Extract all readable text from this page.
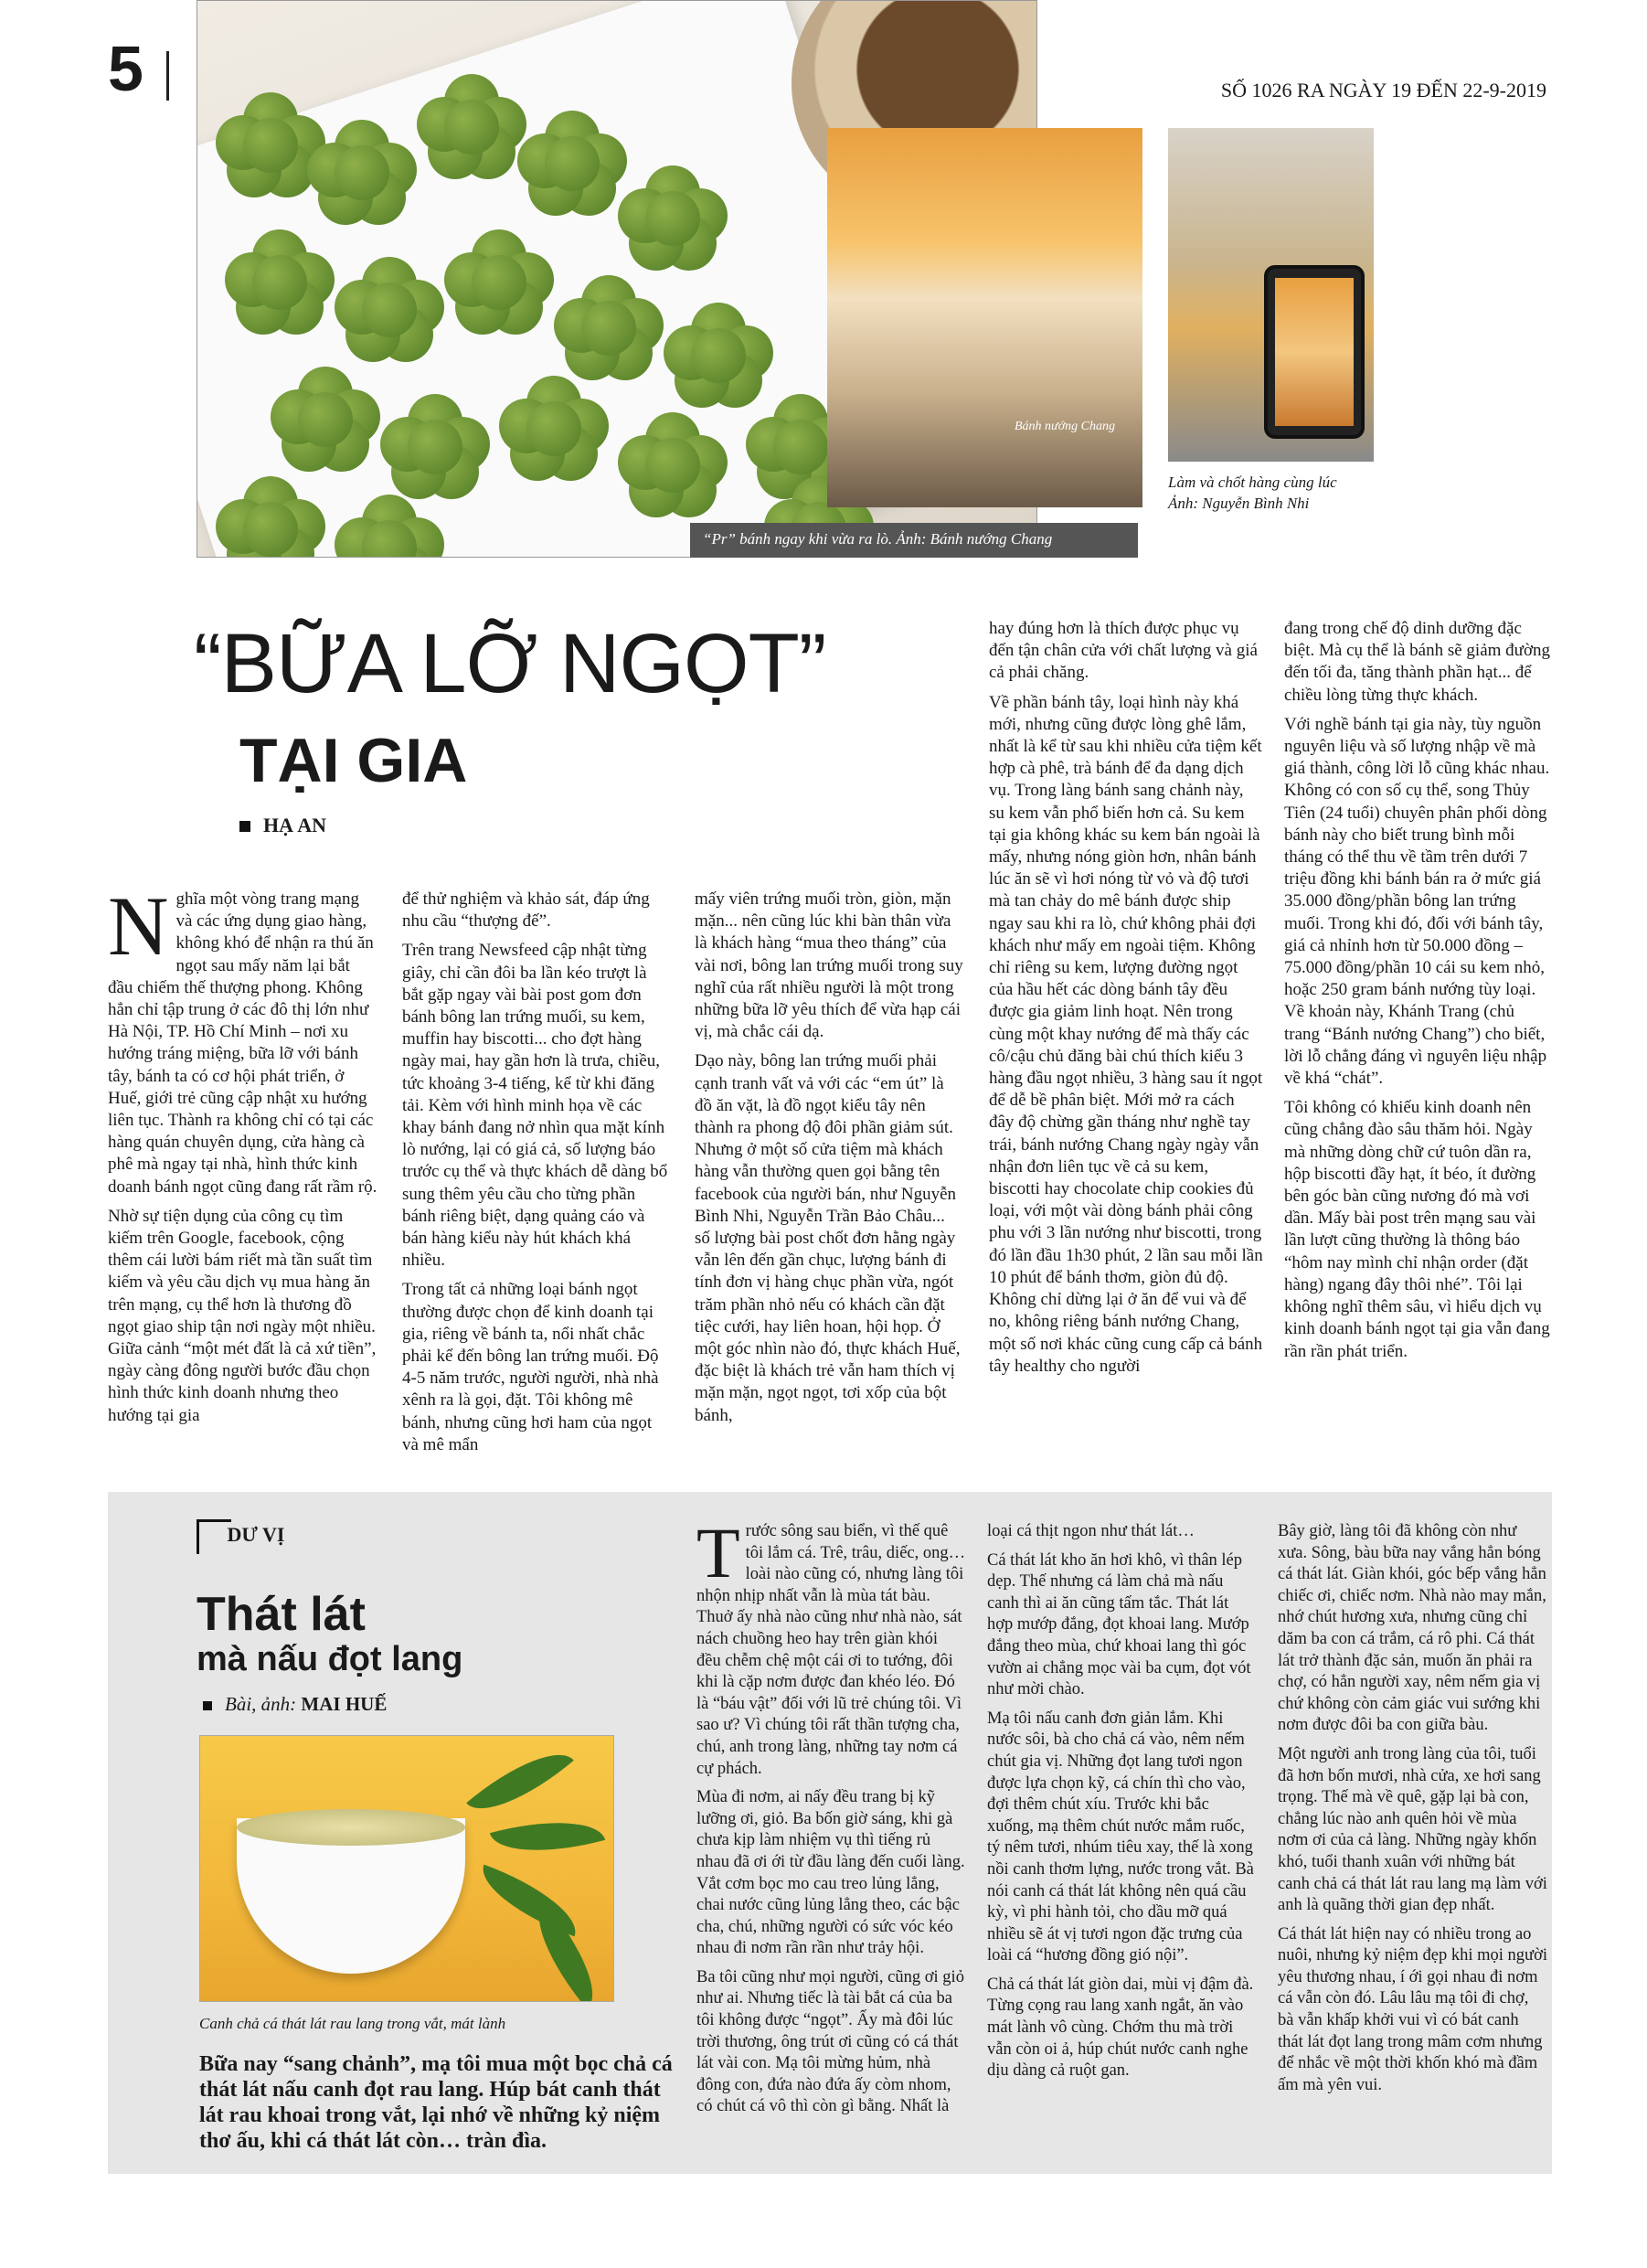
5	SỐ 1026 RA NGÀY 19 ĐẾN 22-9-2019
“Pr” bánh ngay khi vừa ra lò. Ảnh: Bánh nướng Chang
Bánh nướng Chang
Làm và chốt hàng cùng lúc
Ảnh: Nguyễn Bình Nhi
“BỮA LỠ NGỌT”
TẠI GIA
HẠ AN

Nghĩa một vòng trang mạng và các ứng dụng giao hàng, không khó để nhận ra thú ăn ngọt sau mấy năm lại bắt đầu chiếm thế thượng phong. Không hẳn chỉ tập trung ở các đô thị lớn như Hà Nội, TP. Hồ Chí Minh – nơi xu hướng tráng miệng, bữa lỡ với bánh tây, bánh ta có cơ hội phát triển, ở Huế, giới trẻ cũng cập nhật xu hướng liên tục. Thành ra không chỉ có tại các hàng quán chuyên dụng, cửa hàng cà phê mà ngay tại nhà, hình thức kinh doanh bánh ngọt cũng đang rất rầm rộ.

Nhờ sự tiện dụng của công cụ tìm kiếm trên Google, facebook, cộng thêm cái lười bám riết mà tần suất tìm kiếm và yêu cầu dịch vụ mua hàng ăn trên mạng, cụ thể hơn là thương đồ ngọt giao ship tận nơi ngày một nhiều. Giữa cảnh “một mét đất là cả xứ tiền”, ngày càng đông người bước đầu chọn hình thức kinh doanh nhưng theo hướng tại gia

để thử nghiệm và khảo sát, đáp ứng nhu cầu “thượng đế”.

Trên trang Newsfeed cập nhật từng giây, chỉ cần đôi ba lần kéo trượt là bắt gặp ngay vài bài post gom đơn bánh bông lan trứng muối, su kem, muffin hay biscotti... cho đợt hàng ngày mai, hay gần hơn là trưa, chiều, tức khoảng 3-4 tiếng, kể từ khi đăng tải. Kèm với hình minh họa về các khay bánh đang nở nhìn qua mặt kính lò nướng, lại có giá cả, số lượng báo trước cụ thể và thực khách dễ dàng bổ sung thêm yêu cầu cho từng phần bánh riêng biệt, dạng quảng cáo và bán hàng kiểu này hút khách khá nhiều.

Trong tất cả những loại bánh ngọt thường được chọn để kinh doanh tại gia, riêng về bánh ta, nổi nhất chắc phải kể đến bông lan trứng muối. Độ 4-5 năm trước, người người, nhà nhà xênh ra là gọi, đặt. Tôi không mê bánh, nhưng cũng hơi ham của ngọt và mê mẩn

mấy viên trứng muối tròn, giòn, mặn mặn... nên cũng lúc khi bàn thân vừa là khách hàng “mua theo tháng” của vài nơi, bông lan trứng muối trong suy nghĩ của rất nhiều người là một trong những bữa lỡ yêu thích để vừa hạp cái vị, mà chắc cái dạ.

Dạo này, bông lan trứng muối phải cạnh tranh vất vả với các “em út” là đồ ăn vặt, là đồ ngọt kiểu tây nên thành ra phong độ đôi phần giảm sút. Nhưng ở một số cửa tiệm mà khách hàng vẫn thường quen gọi bằng tên facebook của người bán, như Nguyễn Bình Nhi, Nguyễn Trần Bảo Châu... số lượng bài post chốt đơn hằng ngày vẫn lên đến gần chục, lượng bánh đi tính đơn vị hàng chục phần vừa, ngót trăm phần nhỏ nếu có khách cần đặt tiệc cưới, hay liên hoan, hội họp. Ở một góc nhìn nào đó, thực khách Huế, đặc biệt là khách trẻ vẫn ham thích vị mặn mặn, ngọt ngọt, tơi xốp của bột bánh,

hay đúng hơn là thích được phục vụ đến tận chân cửa với chất lượng và giá cả phải chăng.

Về phần bánh tây, loại hình này khá mới, nhưng cũng được lòng ghê lắm, nhất là kể từ sau khi nhiều cửa tiệm kết hợp cà phê, trà bánh để đa dạng dịch vụ. Trong làng bánh sang chảnh này, su kem vẫn phổ biến hơn cả. Su kem tại gia không khác su kem bán ngoài là mấy, nhưng nóng giòn hơn, nhân bánh lúc ăn sẽ vì hơi nóng từ vỏ và độ tươi mà tan chảy do mê bánh được ship ngay sau khi ra lò, chứ không phải đợi khách như mấy em ngoài tiệm. Không chỉ riêng su kem, lượng đường ngọt của hầu hết các dòng bánh tây đều được gia giảm linh hoạt. Nên trong cùng một khay nướng để mà thấy các cô/cậu chủ đăng bài chú thích kiểu 3 hàng đầu ngọt nhiều, 3 hàng sau ít ngọt để dễ bề phân biệt. Mới mở ra cách đây độ chừng gần tháng như nghề tay trái, bánh nướng Chang ngày ngày vẫn nhận đơn liên tục về cả su kem, biscotti hay chocolate chip cookies đủ loại, với một vài dòng bánh phải công phu với 3 lần nướng như biscotti, trong đó lần đầu 1h30 phút, 2 lần sau mỗi lần 10 phút để bánh thơm, giòn đủ độ. Không chỉ dừng lại ở ăn để vui và để no, không riêng bánh nướng Chang, một số nơi khác cũng cung cấp cả bánh tây healthy cho người

đang trong chế độ dinh dưỡng đặc biệt. Mà cụ thể là bánh sẽ giảm đường đến tối đa, tăng thành phần hạt... để chiều lòng từng thực khách.

Với nghề bánh tại gia này, tùy nguồn nguyên liệu và số lượng nhập về mà giá thành, công lời lỗ cũng khác nhau. Không có con số cụ thể, song Thủy Tiên (24 tuổi) chuyên phân phối dòng bánh này cho biết trung bình mỗi tháng có thể thu về tầm trên dưới 7 triệu đồng khi bánh bán ra ở mức giá 35.000 đồng/phần bông lan trứng muối. Trong khi đó, đối với bánh tây, giá cả nhỉnh hơn từ 50.000 đồng – 75.000 đồng/phần 10 cái su kem nhỏ, hoặc 250 gram bánh nướng tùy loại. Về khoản này, Khánh Trang (chủ trang “Bánh nướng Chang”) cho biết, lời lỗ chẳng đáng vì nguyên liệu nhập về khá “chát”.

Tôi không có khiếu kinh doanh nên cũng chẳng đào sâu thăm hỏi. Ngày mà những dòng chữ cứ tuôn dần ra, hộp biscotti đầy hạt, ít béo, ít đường bên góc bàn cũng nương đó mà vơi dần. Mấy bài post trên mạng sau vài lần lượt cũng thường là thông báo “hôm nay mình chỉ nhận order (đặt hàng) ngang đây thôi nhé”. Tôi lại không nghĩ thêm sâu, vì hiểu dịch vụ kinh doanh bánh ngọt tại gia vẫn đang rần rần phát triển.

DƯ VỊ
Thát lát
mà nấu đọt lang
Bài, ảnh: MAI HUẾ
Canh chả cá thát lát rau lang trong vắt, mát lành
Bữa nay “sang chảnh”, mạ tôi mua một bọc chả cá thát lát nấu canh đọt rau lang. Húp bát canh thát lát rau khoai trong vắt, lại nhớ về những kỷ niệm thơ ấu, khi cá thát lát còn… tràn đìa.

Trước sông sau biển, vì thế quê tôi lắm cá. Trê, trâu, diếc, ong… loài nào cũng có, nhưng làng tôi nhộn nhịp nhất vẫn là mùa tát bàu. Thuở ấy nhà nào cũng như nhà nào, sát nách chuồng heo hay trên giàn khói đều chễm chệ một cái ơi to tướng, đôi khi là cặp nơm được đan khéo léo. Đó là “báu vật” đối với lũ trẻ chúng tôi. Vì sao ư? Vì chúng tôi rất thần tượng cha, chú, anh trong làng, những tay nơm cá cự phách.

Mùa đi nơm, ai nấy đều trang bị kỹ lưỡng ơi, giỏ. Ba bốn giờ sáng, khi gà chưa kịp làm nhiệm vụ thì tiếng rủ nhau đã ơi ới từ đầu làng đến cuối làng. Vắt cơm bọc mo cau treo lủng lẳng, chai nước cũng lủng lẳng theo, các bậc cha, chú, những người có sức vóc kéo nhau đi nơm rần rần như trảy hội.

Ba tôi cũng như mọi người, cũng ơi giỏ như ai. Nhưng tiếc là tài bắt cá của ba tôi không được “ngọt”. Ấy mà đôi lúc trời thương, ông trút ơi cũng có cá thát lát vài con. Mạ tôi mừng hủm, nhà đông con, đứa nào đứa ấy còm nhom, có chút cá vô thì còn gì bằng. Nhất là

loại cá thịt ngon như thát lát…

Cá thát lát kho ăn hơi khô, vì thân lép dẹp. Thế nhưng cá làm chả mà nấu canh thì ai ăn cũng tấm tắc. Thát lát hợp mướp đắng, đọt khoai lang. Mướp đắng theo mùa, chứ khoai lang thì góc vườn ai chẳng mọc vài ba cụm, đọt vót như mời chào.

Mạ tôi nấu canh đơn giản lắm. Khi nước sôi, bà cho chả cá vào, nêm nếm chút gia vị. Những đọt lang tươi ngon được lựa chọn kỹ, cá chín thì cho vào, đợi thêm chút xíu. Trước khi bắc xuống, mạ thêm chút nước mắm ruốc, tý nêm tươi, nhúm tiêu xay, thế là xong nồi canh thơm lựng, nước trong vắt. Bà nói canh cá thát lát không nên quá cầu kỳ, vì phi hành tỏi, cho dầu mỡ quá nhiều sẽ át vị tươi ngon đặc trưng của loài cá “hương đồng gió nội”.

Chả cá thát lát giòn dai, mùi vị đậm đà. Từng cọng rau lang xanh ngắt, ăn vào mát lành vô cùng. Chớm thu mà trời vẫn còn oi ả, húp chút nước canh nghe dịu dàng cả ruột gan.

Bây giờ, làng tôi đã không còn như xưa. Sông, bàu bữa nay vắng hẳn bóng cá thát lát. Giàn khói, góc bếp vắng hẳn chiếc ơi, chiếc nơm. Nhà nào may mắn, nhớ chút hương xưa, nhưng cũng chỉ dăm ba con cá trắm, cá rô phi. Cá thát lát trở thành đặc sản, muốn ăn phải ra chợ, có hẳn người xay, nêm nếm gia vị chứ không còn cảm giác vui sướng khi nơm được đôi ba con giữa bàu.

Một người anh trong làng của tôi, tuổi đã hơn bốn mươi, nhà cửa, xe hơi sang trọng. Thế mà về quê, gặp lại bà con, chẳng lúc nào anh quên hỏi về mùa nơm ơi của cả làng. Những ngày khốn khó, tuổi thanh xuân với những bát canh chả cá thát lát rau lang mạ làm với anh là quãng thời gian đẹp nhất.

Cá thát lát hiện nay có nhiều trong ao nuôi, nhưng kỷ niệm đẹp khi mọi người yêu thương nhau, í ới gọi nhau đi nơm cá vẫn còn đó. Lâu lâu mạ tôi đi chợ, bà vẫn khấp khởi vui vì có bát canh thát lát đọt lang trong mâm cơm nhưng để nhắc về một thời khốn khó mà đầm ấm mà yên vui.
